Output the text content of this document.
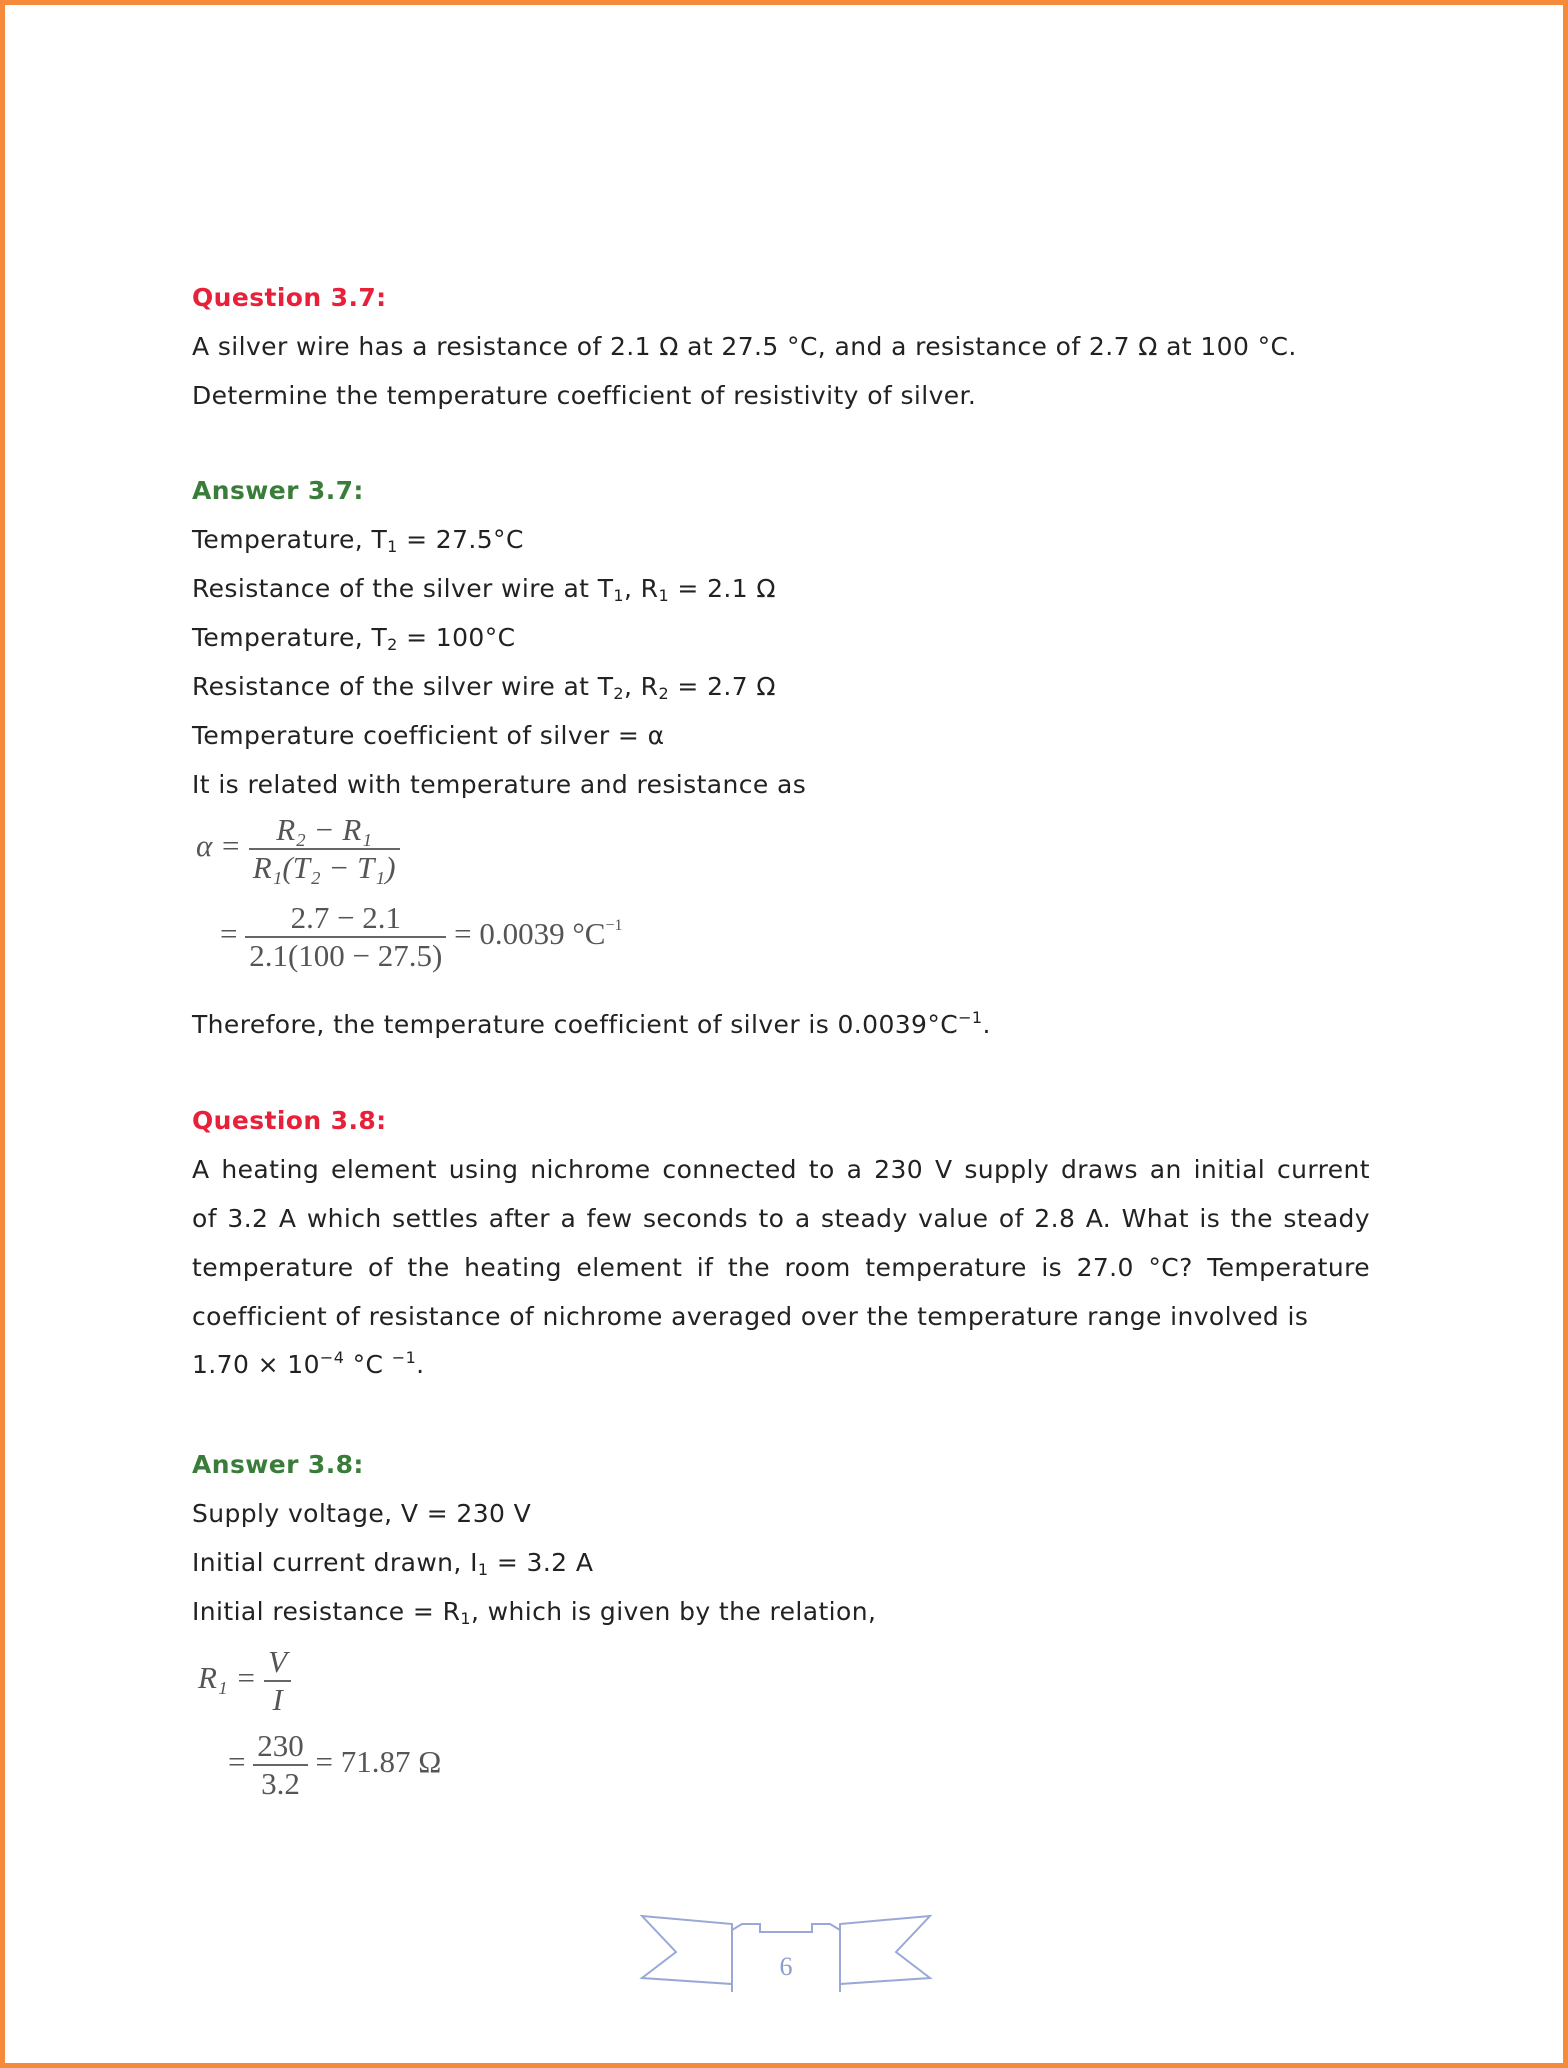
Question 3.7:
A silver wire has a resistance of 2.1 Ω at 27.5 °C, and a resistance of 2.7 Ω at 100 °C.
Determine the temperature coefficient of resistivity of silver.
Answer 3.7:
Temperature, $T_1 = 27.5^\circ C$
Resistance of the silver wire at $T_1$, $R_1 = 2.1$ Ω
Temperature, $T_2 = 100^\circ C$
Resistance of the silver wire at $T_2$, $R_2 = 2.7$ Ω
Temperature coefficient of silver = α
It is related with temperature and resistance as
$\alpha = \frac{\text{R₂ − R₁}}{\text{R₁(T₂ − T₁)}}$
= $\frac{2.7 - 2.1}{2.1(100 - 27.5)} = 0.0039$ $^\circ C^{-1}$
Therefore, the temperature coefficient of silver is $0.0039^\circ C^{-1}$.
Question 3.8:
A heating element using nichrome connected to a 230 V supply draws an initial current
of 3.2 A which settles after a few seconds to a steady value of 2.8 A. What is the steady
temperature of the heating element if the room temperature is 27.0 °C? Temperature
coefficient of resistance of nichrome averaged over the temperature range involved is
$1.70 \times 10^{-4}$ °C $^{-1}$.
Answer 3.8:
Supply voltage, V = 230 V
Initial current drawn, $I_1 = 3.2$ A
Initial resistance = $R_1$, which is given by the relation,
$R_1 = \frac{V}{I}$
= $\frac{230}{3.2} = 71.87$ Ω
6
